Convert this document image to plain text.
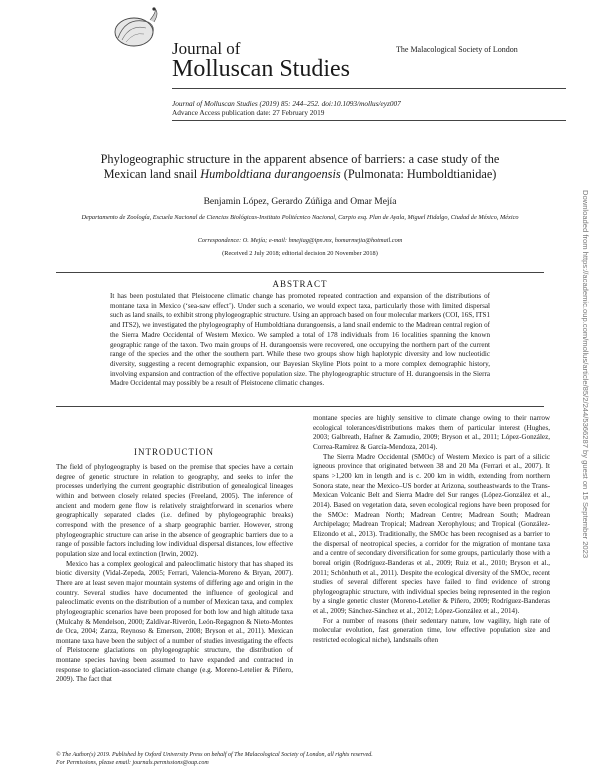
Journal of
Molluscan Studies
The Malacological Society of London
Journal of Molluscan Studies (2019) 85: 244–252. doi:10.1093/mollus/eyz007
Advance Access publication date: 27 February 2019
Phylogeographic structure in the apparent absence of barriers: a case study of the
Mexican land snail Humboldtiana durangoensis (Pulmonata: Humboldtianidae)
Benjamin López, Gerardo Zúñiga and Omar Mejía
Departamento de Zoología, Escuela Nacional de Ciencias Biológicas-Instituto Politécnico Nacional, Carpio esq. Plan de Ayala, Miguel Hidalgo, Ciudad de México, México
Correspondence: O. Mejía; e-mail: hmejiag@ipn.mx, homarmejia@hotmail.com
(Received 2 July 2018; editorial decision 20 November 2018)
ABSTRACT
It has been postulated that Pleistocene climatic change has promoted repeated contraction and expansion of the distributions of montane taxa in Mexico (‘sea-saw effect’). Under such a scenario, we would expect taxa, particularly those with limited dispersal such as land snails, to exhibit strong phylogeographic structure. Using an approach based on four molecular markers (COI, 16S, ITS1 and ITS2), we investigated the phylogeography of Humboldtiana durangoensis, a land snail endemic to the Madrean central region of the Sierra Madre Occidental of Western Mexico. We sampled a total of 178 individuals from 16 localities spanning the known geographic range of the taxon. Two main groups of H. durangoensis were recovered, one occupying the northern part of the current range of the species and the other the southern part. While these two groups show high haplotypic diversity and low nucleotidic diversity, suggesting a recent demographic expansion, our Bayesian Skyline Plots point to a more complex demographic history, involving expansion and contraction of the effective population size. The phylogeographic structure of H. durangoensis in the Sierra Madre Occidental may possibly be a result of Pleistocene climatic changes.
INTRODUCTION

The field of phylogeography is based on the premise that species have a certain degree of genetic structure in relation to geography, and seeks to infer the processes underlying the current geographic distribution of genealogical lineages within and between closely related species (Freeland, 2005). The inference of ancient and modern gene flow is relatively straightforward in scenarios where geographically separated clades (i.e. defined by phylogeographic breaks) correspond with the presence of a sharp geographic barrier. However, strong phylogeographic structure can arise in the absence of geographic barriers due to a range of possible factors including low individual dispersal distances, low effective population size and local extinction (Irwin, 2002).

Mexico has a complex geological and paleoclimatic history that has shaped its biotic diversity (Vidal-Zepeda, 2005; Ferrari, Valencia-Moreno & Bryan, 2007). There are at least seven major mountain systems of differing age and origin in the country. Several studies have documented the influence of geological and paleoclimatic events on the distribution of a number of Mexican taxa, and complex phylogeographic scenarios have been proposed for both low and high altitude taxa (Mulcahy & Mendelson, 2000; Zaldívar-Riverón, León-Regagnon & Nieto-Montes de Oca, 2004; Zarza, Reynoso & Emerson, 2008; Bryson et al., 2011). Mexican montane taxa have been the subject of a number of studies investigating the effects of Pleistocene glaciations on phylogeographic structure, the distribution of montane species having been assumed to have expanded and contracted in response to glaciation-associated climate change (e.g. Moreno-Letelier & Piñero, 2009). The fact that

montane species are highly sensitive to climate change owing to their narrow ecological tolerances/distributions makes them of particular interest (Hughes, 2003; Galbreath, Hafner & Zamudio, 2009; Bryson et al., 2011; López-González, Correa-Ramírez & García-Mendoza, 2014).

The Sierra Madre Occidental (SMOc) of Western Mexico is part of a silicic igneous province that originated between 38 and 20 Ma (Ferrari et al., 2007). It spans >1,200 km in length and is c. 200 km in width, extending from northern Sonora state, near the Mexico–US border at Arizona, southeastwards to the Trans-Mexican Volcanic Belt and Sierra Madre del Sur ranges (López-González et al., 2014). Based on vegetation data, seven ecological regions have been proposed for the SMOc: Madrean North; Madrean Centre; Madrean South; Madrean Archipelago; Madrean Tropical; Madrean Xerophylous; and Tropical (González-Elizondo et al., 2013). Traditionally, the SMOc has been recognised as a barrier to the dispersal of neotropical species, a corridor for the migration of montane taxa and a centre of secondary diversification for some groups, particularly those with a boreal origin (Rodríguez-Banderas et al., 2009; Ruiz et al., 2010; Bryson et al., 2011; Schönhuth et al., 2011). Despite the ecological diversity of the SMOc, recent studies of several different species have failed to find evidence of strong phylogeographic structure, with individual species being represented in the region by a single genetic cluster (Moreno-Letelier & Piñero, 2009; Rodríguez-Banderas et al., 2009; Sánchez-Sánchez et al., 2012; López-González et al., 2014).

For a number of reasons (their sedentary nature, low vagility, high rate of molecular evolution, fast generation time, low effective population size and restricted ecological niche), landsnails often

© The Author(s) 2019. Published by Oxford University Press on behalf of The Malacological Society of London, all rights reserved.
For Permissions, please email: journals.permissions@oup.com
Downloaded from https://academic.oup.com/mollus/article/85/2/244/5366287 by guest on 15 September 2023
